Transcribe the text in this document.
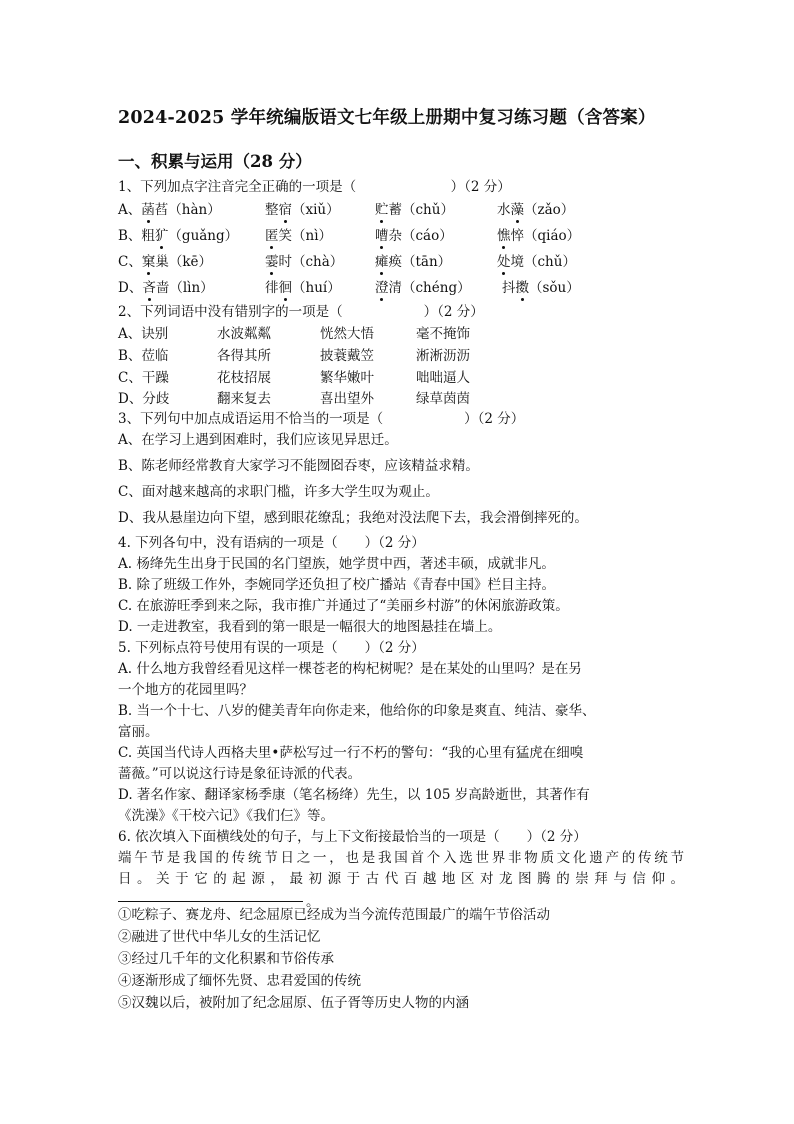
2024-2025 学年统编版语文七年级上册期中复习练习题（含答案）
一、积累与运用（28 分）
1、下列加点字注音完全正确的一项是（　　　　　　　）（2 分）
A、菡萏（hàn）	整宿（xiǔ）	贮蓄（chǔ）	水藻（zǎo）
B、粗犷（guǎng） 匿笑（nì）	嘈杂（cáo）	憔悴（qiáo）
C、窠巢（kē）	霎时（chà） 瘫痪（tān）	处境（chǔ）
D、吝啬（lìn）	徘徊（huí）	澄清（chéng） 抖擞（sǒu）
2、下列词语中没有错别字的一项是（　　　　　　）（2 分）
A、诀别	水波粼粼	恍然大悟	毫不掩饰
B、莅临	各得其所	披蓑戴笠	淅淅沥沥
C、干躁	花枝招展	繁华嫩叶	咄咄逼人
D、分歧	翻来复去	喜出望外	绿草茵茵
3、下列句中加点成语运用不恰当的一项是（　　　　　　）（2 分）
A、在学习上遇到困难时，我们应该见异思迁。
B、陈老师经常教育大家学习不能囫囵吞枣，应该精益求精。
C、面对越来越高的求职门槛，许多大学生叹为观止。
D、我从悬崖边向下望，感到眼花缭乱；我绝对没法爬下去，我会滑倒摔死的。
4. 下列各句中，没有语病的一项是（　　）（2 分）
A. 杨绛先生出身于民国的名门望族，她学贯中西，著述丰硕，成就非凡。
B. 除了班级工作外，李婉同学还负担了校广播站《青春中国》栏目主持。
C. 在旅游旺季到来之际，我市推广并通过了“美丽乡村游”的休闲旅游政策。
D. 一走进教室，我看到的第一眼是一幅很大的地图悬挂在墙上。
5. 下列标点符号使用有误的一项是（　　）（2 分）
A. 什么地方我曾经看见这样一棵苍老的构杞树呢？是在某处的山里吗？是在另
一个地方的花园里吗？
B. 当一个十七、八岁的健美青年向你走来，他给你的印象是爽直、纯洁、豪华、
富丽。
C. 英国当代诗人西格夫里•萨松写过一行不朽的警句：“我的心里有猛虎在细嗅
蔷薇。”可以说这行诗是象征诗派的代表。
D. 著名作家、翻译家杨季康（笔名杨绛）先生，以 105 岁高龄逝世，其著作有
《洗澡》《干校六记》《我们仨》等。
6. 依次填入下面横线处的句子，与上下文衔接最恰当的一项是（　　）（2 分）
端午节是我国的传统节日之一，也是我国首个入选世界非物质文化遗产的传统节
日。关于它的起源，最初源于古代百越地区对龙图腾的崇拜与信仰。
。
①吃粽子、赛龙舟、纪念屈原已经成为当今流传范围最广的端午节俗活动
②融进了世代中华儿女的生活记忆
③经过几千年的文化积累和节俗传承
④逐渐形成了缅怀先贤、忠君爱国的传统
⑤汉魏以后，被附加了纪念屈原、伍子胥等历史人物的内涵
